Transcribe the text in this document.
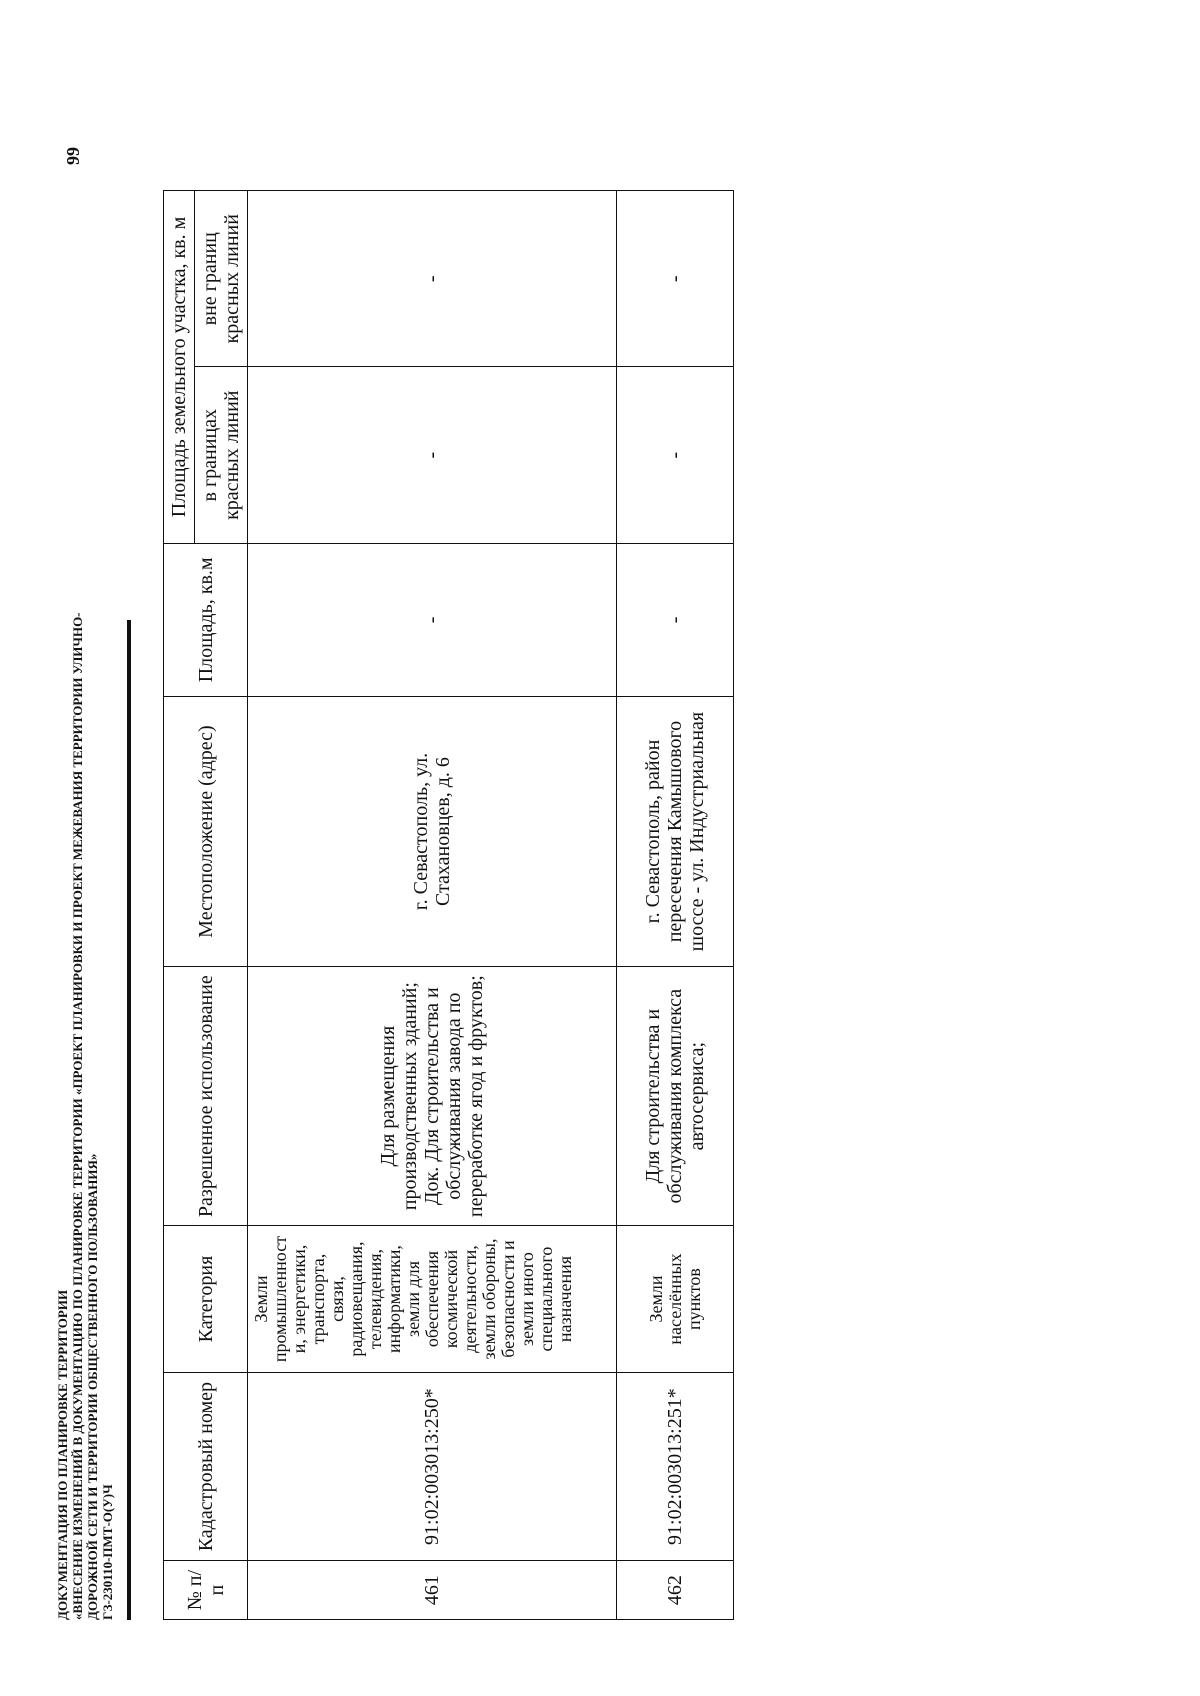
ДОКУМЕНТАЦИЯ ПО ПЛАНИРОВКЕ ТЕРРИТОРИИ «ВНЕСЕНИЕ ИЗМЕНЕНИЙ В ДОКУМЕНТАЦИЮ ПО ПЛАНИРОВКЕ ТЕРРИТОРИИ «ПРОЕКТ ПЛАНИРОВКИ И ПРОЕКТ МЕЖЕВАНИЯ ТЕРРИТОРИИ УЛИЧНО- ДОРОЖНОЙ СЕТИ И ТЕРРИТОРИИ ОБЩЕСТВЕННОГО ПОЛЬЗОВАНИЯ» ГЗ-230110-ПМТ-О(У)Ч
99
№ п/п	Кадастровый номер	Категория	Разрешенное использование	Местоположение (адрес)	Площадь, кв.м	Площадь земельного участка, кв. м	
						в границах красных линий	вне границ красных линий
461	91:02:003013:250*	Земли промышленност и, энергетики, транспорта, связи, радиовещания, телевидения, информатики, земли для обеспечения космической деятельности, земли обороны, безопасности и земли иного специального назначения	Для размещения производственных зданий; Док. Для строительства и обслуживания завода по переработке ягод и фруктов;	г. Севастополь, ул. Стахановцев, д. 6	-	-	-
462	91:02:003013:251*	Земли населённых пунктов	Для строительства и обслуживания комплекса автосервиса;	г. Севастополь, район пересечения Камышового шоссе - ул. Индустриальная	-	-	-
